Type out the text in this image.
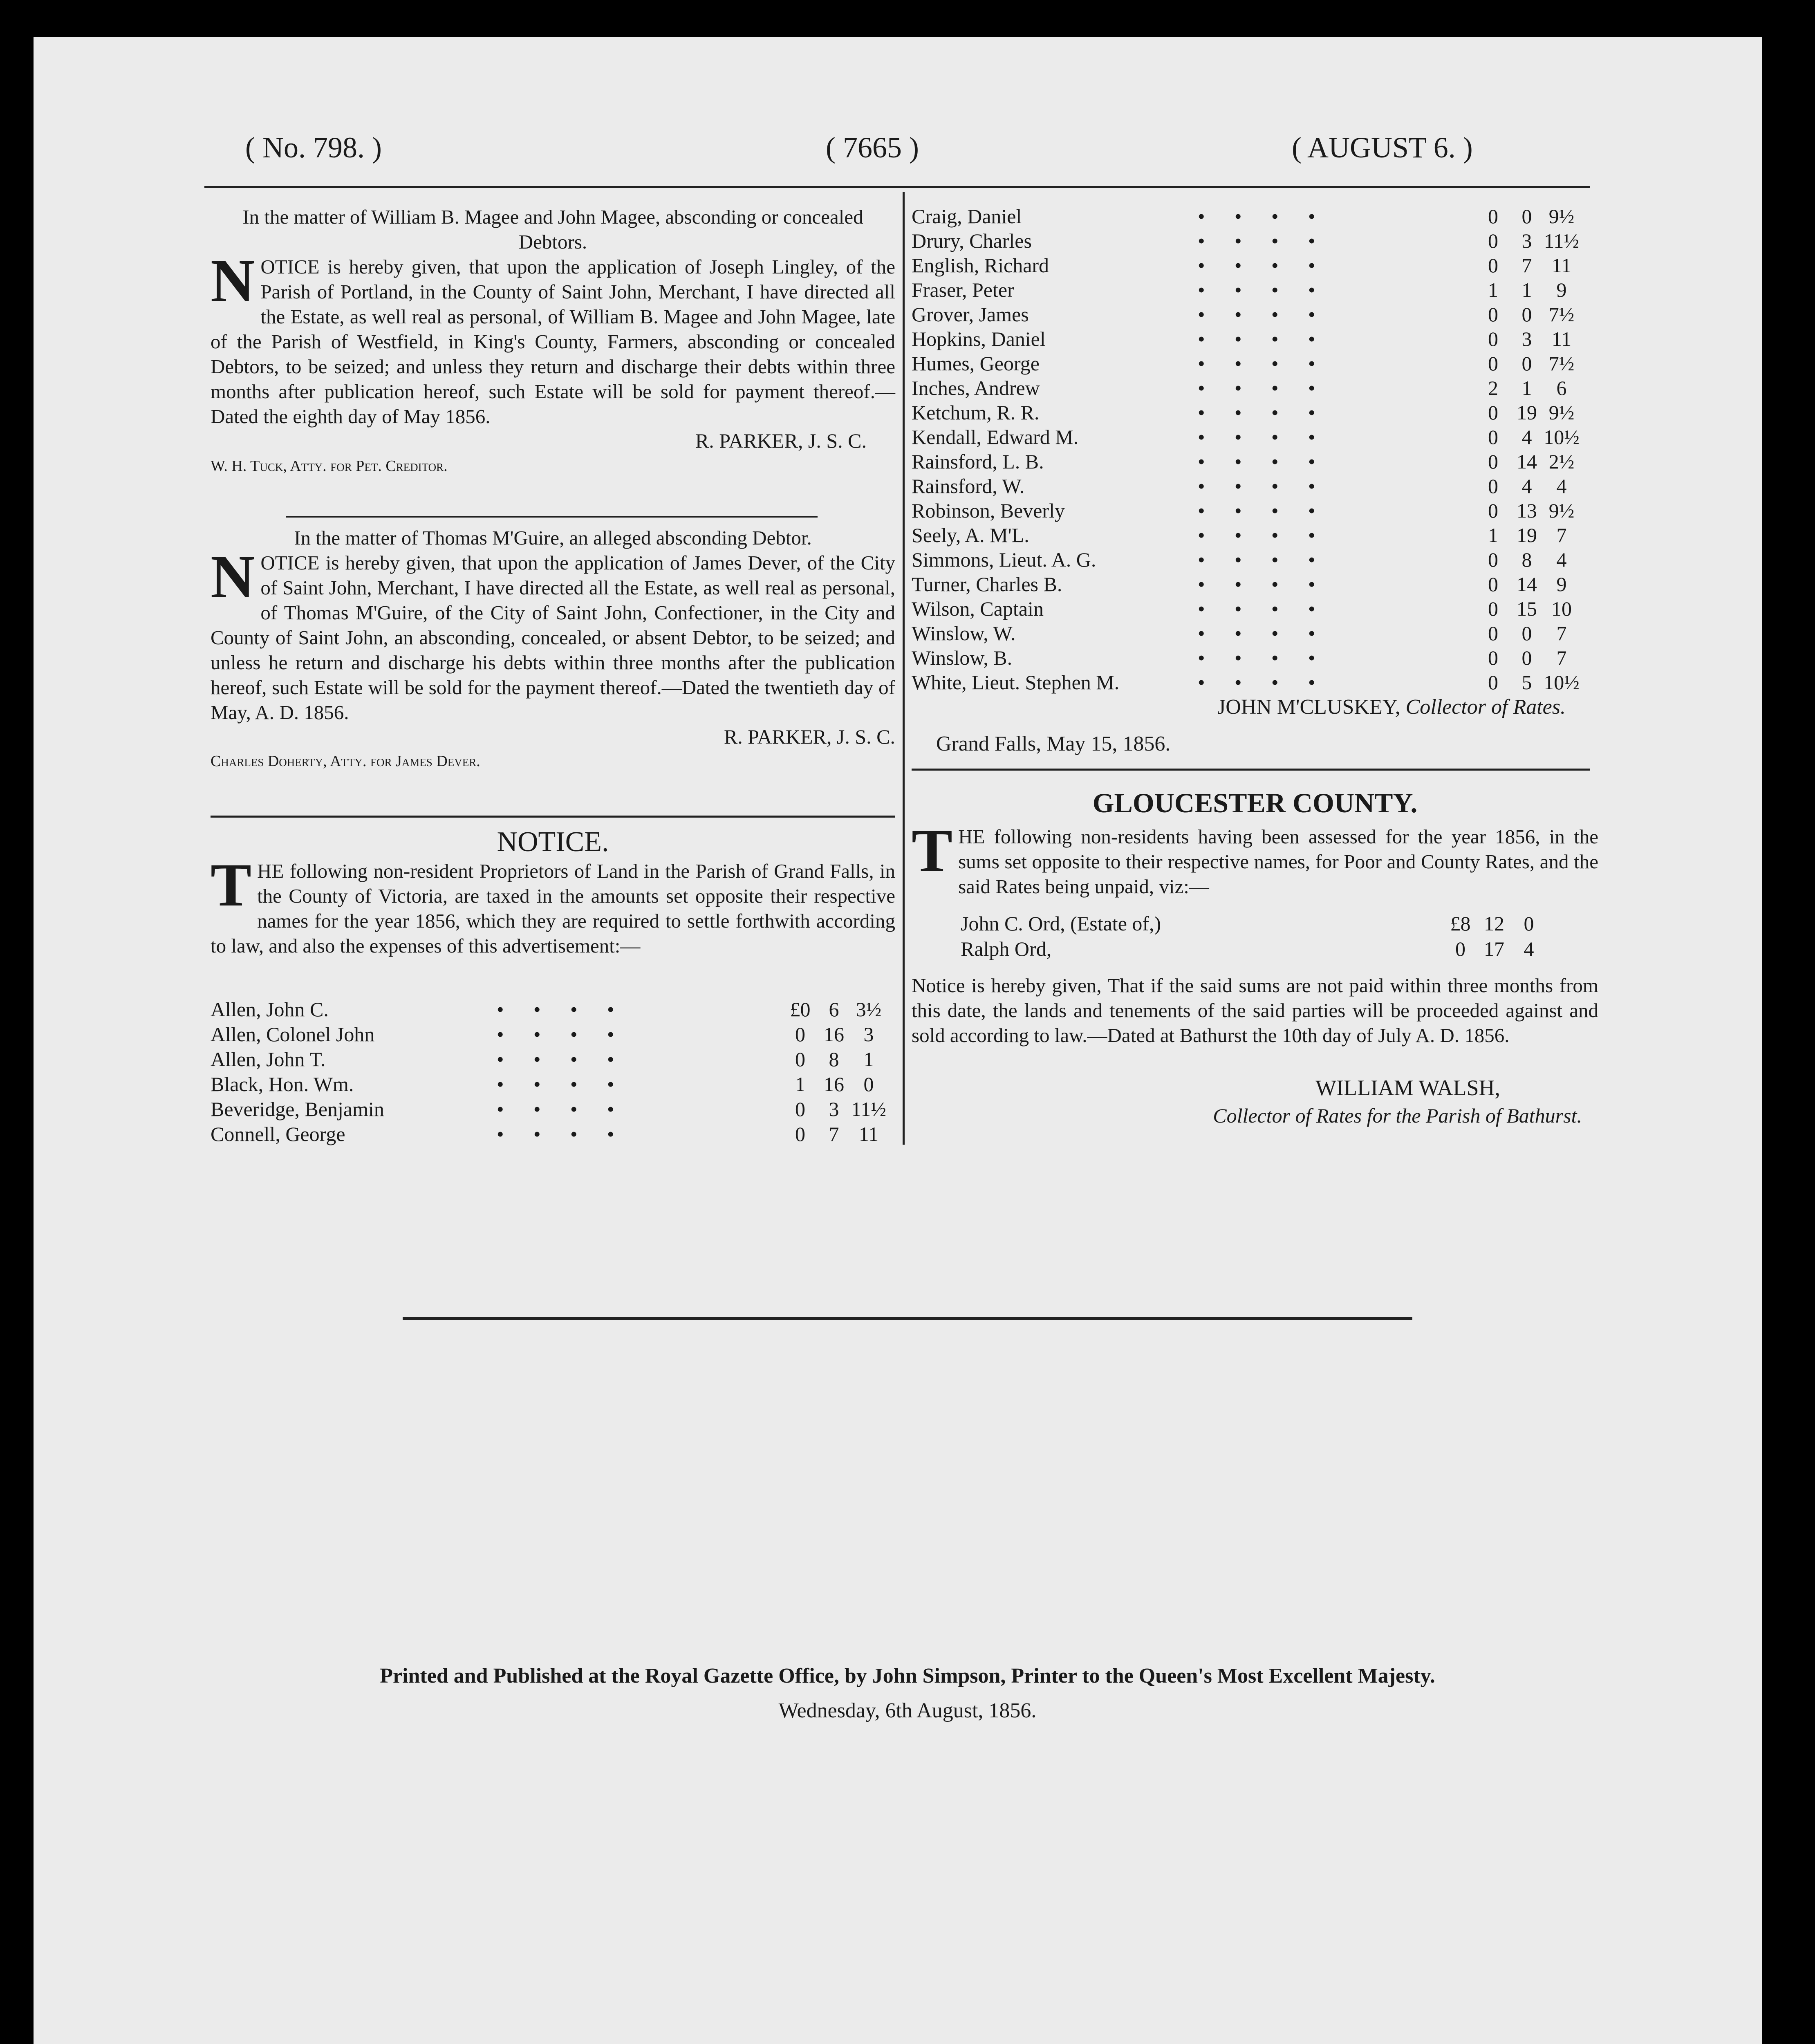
( No. 798. )	( 7665 )	( AUGUST 6. )
In the matter of William B. Magee and John Magee, absconding or concealed Debtors.
NOTICE is hereby given, that upon the application of Joseph Lingley, of the Parish of Portland, in the County of Saint John, Merchant, I have directed all the Estate, as well real as personal, of William B. Magee and John Magee, late of the Parish of Westfield, in King's County, Farmers, absconding or concealed Debtors, to be seized; and unless they return and discharge their debts within three months after publication hereof, such Estate will be sold for payment thereof.—Dated the eighth day of May 1856.
R. PARKER, J. S. C.
W. H. Tuck, Atty. for Pet. Creditor.
In the matter of Thomas M'Guire, an alleged absconding Debtor.
NOTICE is hereby given, that upon the application of James Dever, of the City of Saint John, Merchant, I have directed all the Estate, as well real as personal, of Thomas M'Guire, of the City of Saint John, Confectioner, in the City and County of Saint John, an absconding, concealed, or absent Debtor, to be seized; and unless he return and discharge his debts within three months after the publication hereof, such Estate will be sold for the payment thereof.—Dated the twentieth day of May, A. D. 1856.
R. PARKER, J. S. C.
Charles Doherty, Atty. for James Dever.
NOTICE.
THE following non-resident Proprietors of Land in the Parish of Grand Falls, in the County of Victoria, are taxed in the amounts set opposite their respective names for the year 1856, which they are required to settle forthwith according to law, and also the expenses of this advertisement:—
Allen, John C.	• • • •	£0 6 3½
Allen, Colonel John	• • • •	0 16 3
Allen, John T.	• • • •	0	8	1
Black, Hon. Wm.	• • • •	1 16 0
Beveridge, Benjamin	• • • •	0	3 11½
Connell, George	• • • •	0	7 11
Craig, Daniel	• • • •	0	0 9½
Drury, Charles	• • • •	0	3 11½
English, Richard	• • • •	0	7 11
Fraser, Peter	• • • •	1	1	9
Grover, James	• • • •	0	0 7½
Hopkins, Daniel	• • • •	0	3 11
Humes, George	• • • •	0	0 7½
Inches, Andrew	• • • •	2	1	6
Ketchum, R. R.	• • • •	0 19 9½
Kendall, Edward M.	• • • •	0	4 10½
Rainsford, L. B.	• • • •	0 14 2½
Rainsford, W.	• • • •	0	4	4
Robinson, Beverly	• • • •	0 13 9½
Seely, A. M'L.	• • • •	1 19 7
Simmons, Lieut. A. G.	• • • •	0	8	4
Turner, Charles B.	• • • •	0 14 9
Wilson, Captain	• • • •	0 15 10
Winslow, W.	• • • •	0	0	7
Winslow, B.	• • • •	0	0	7
White, Lieut. Stephen M.	• • • •	0	5 10½
JOHN M'CLUSKEY, Collector of Rates.
Grand Falls, May 15, 1856.
GLOUCESTER COUNTY.
THE following non-residents having been assessed for the year 1856, in the sums set opposite to their respective names, for Poor and County Rates, and the said Rates being unpaid, viz:—
John C. Ord, (Estate of,)	£8 12 0
Ralph Ord,	0 17 4
Notice is hereby given, That if the said sums are not paid within three months from this date, the lands and tenements of the said parties will be proceeded against and sold according to law.—Dated at Bathurst the 10th day of July A. D. 1856.
WILLIAM WALSH,
Collector of Rates for the Parish of Bathurst.
Printed and Published at the Royal Gazette Office, by John Simpson, Printer to the Queen's Most Excellent Majesty.
Wednesday, 6th August, 1856.
